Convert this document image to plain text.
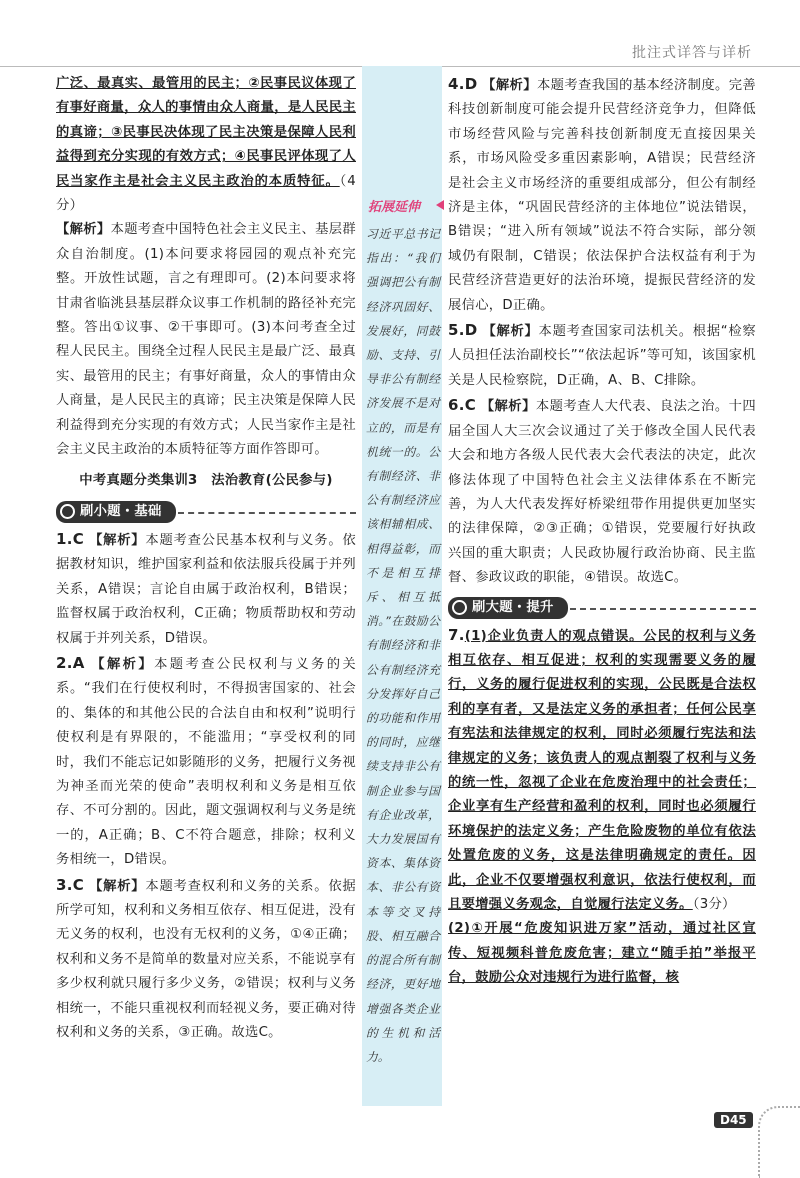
批注式详答与详析
拓展延伸
习近平总书记指出：“我们强调把公有制经济巩固好、发展好，同鼓励、支持、引导非公有制经济发展不是对立的，而是有机统一的。公有制经济、非公有制经济应该相辅相成、相得益彰，而不是相互排斥、相互抵消。”在鼓励公有制经济和非公有制经济充分发挥好自己的功能和作用的同时，应继续支持非公有制企业参与国有企业改革，大力发展国有资本、集体资本、非公有资本等交叉持股、相互融合的混合所有制经济，更好地增强各类企业的生机和活力。

广泛、最真实、最管用的民主；②民事民议体现了有事好商量，众人的事情由众人商量，是人民民主的真谛；③民事民决体现了民主决策是保障人民利益得到充分实现的有效方式；④民事民评体现了人民当家作主是社会主义民主政治的本质特征。（4分）

【解析】本题考查中国特色社会主义民主、基层群众自治制度。(1)本问要求将园园的观点补充完整。开放性试题，言之有理即可。(2)本问要求将甘肃省临洮县基层群众议事工作机制的路径补充完整。答出①议事、②干事即可。(3)本问考查全过程人民民主。围绕全过程人民民主是最广泛、最真实、最管用的民主；有事好商量，众人的事情由众人商量，是人民民主的真谛；民主决策是保障人民利益得到充分实现的有效方式；人民当家作主是社会主义民主政治的本质特征等方面作答即可。

中考真题分类集训3　法治教育(公民参与)
刷小题・基础

1.C 【解析】本题考查公民基本权利与义务。依据教材知识，维护国家利益和依法服兵役属于并列关系，A错误；言论自由属于政治权利，B错误；监督权属于政治权利，C正确；物质帮助权和劳动权属于并列关系，D错误。

2.A 【解析】本题考查公民权利与义务的关系。“我们在行使权利时，不得损害国家的、社会的、集体的和其他公民的合法自由和权利”说明行使权利是有界限的，不能滥用；“享受权利的同时，我们不能忘记如影随形的义务，把履行义务视为神圣而光荣的使命”表明权利和义务是相互依存、不可分割的。因此，题文强调权利与义务是统一的，A正确；B、C不符合题意，排除；权利义务相统一，D错误。

3.C 【解析】本题考查权利和义务的关系。依据所学可知，权利和义务相互依存、相互促进，没有无义务的权利，也没有无权利的义务，①④正确；权利和义务不是简单的数量对应关系，不能说享有多少权利就只履行多少义务，②错误；权利与义务相统一，不能只重视权利而轻视义务，要正确对待权利和义务的关系，③正确。故选C。

4.D 【解析】本题考查我国的基本经济制度。完善科技创新制度可能会提升民营经济竞争力，但降低市场经营风险与完善科技创新制度无直接因果关系，市场风险受多重因素影响，A错误；民营经济是社会主义市场经济的重要组成部分，但公有制经济是主体，“巩固民营经济的主体地位”说法错误，B错误；“进入所有领域”说法不符合实际，部分领域仍有限制，C错误；依法保护合法权益有利于为民营经济营造更好的法治环境，提振民营经济的发展信心，D正确。

5.D 【解析】本题考查国家司法机关。根据“检察人员担任法治副校长”“依法起诉”等可知，该国家机关是人民检察院，D正确，A、B、C排除。

6.C 【解析】本题考查人大代表、良法之治。十四届全国人大三次会议通过了关于修改全国人民代表大会和地方各级人民代表大会代表法的决定，此次修法体现了中国特色社会主义法律体系在不断完善，为人大代表发挥好桥梁纽带作用提供更加坚实的法律保障，②③正确；①错误，党要履行好执政兴国的重大职责；人民政协履行政治协商、民主监督、参政议政的职能，④错误。故选C。

刷大题・提升

7.(1)企业负责人的观点错误。公民的权利与义务相互依存、相互促进；权利的实现需要义务的履行，义务的履行促进权利的实现，公民既是合法权利的享有者，又是法定义务的承担者；任何公民享有宪法和法律规定的权利，同时必须履行宪法和法律规定的义务；该负责人的观点割裂了权利与义务的统一性，忽视了企业在危废治理中的社会责任；企业享有生产经营和盈利的权利，同时也必须履行环境保护的法定义务；产生危险废物的单位有依法处置危废的义务，这是法律明确规定的责任。因此，企业不仅要增强权利意识，依法行使权利，而且要增强义务观念，自觉履行法定义务。（3分）

(2)①开展“危废知识进万家”活动，通过社区宣传、短视频科普危废危害；建立“随手拍”举报平台，鼓励公众对违规行为进行监督，核

D45
